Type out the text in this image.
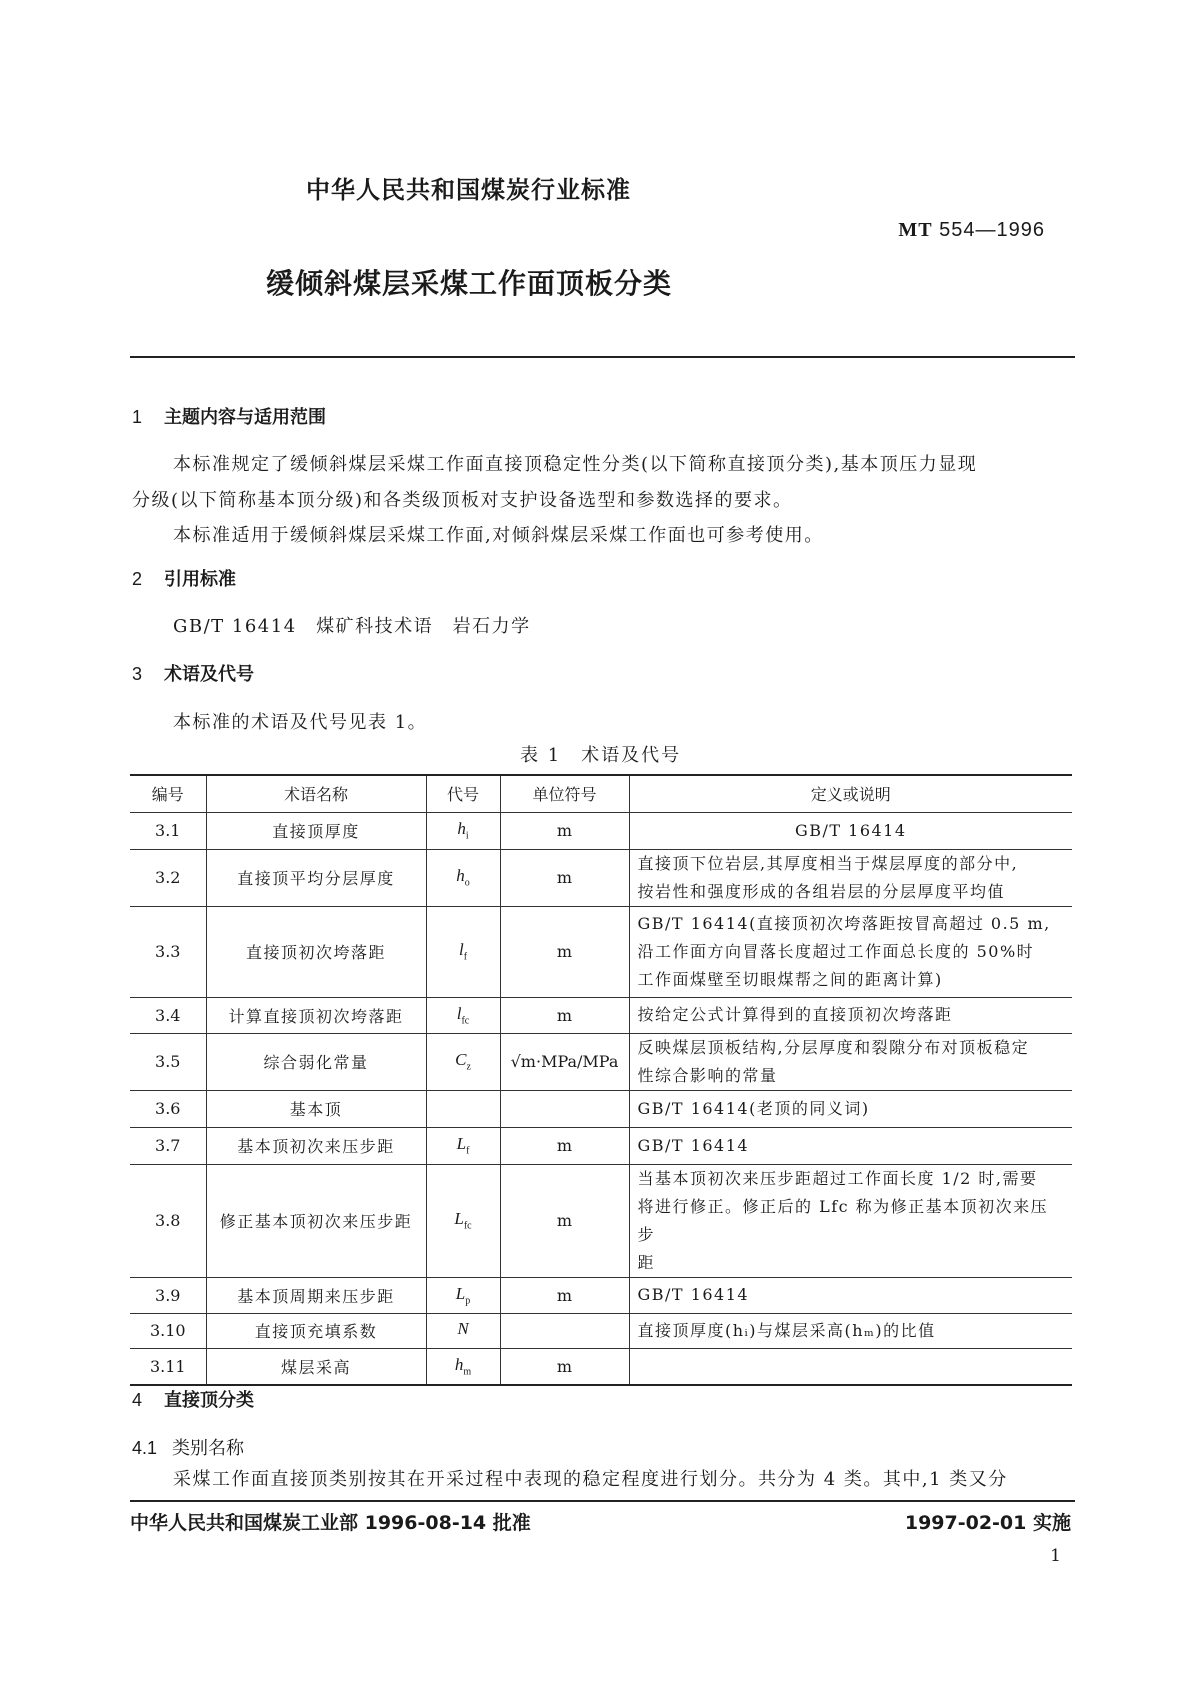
中华人民共和国煤炭行业标准
MT 554—1996
缓倾斜煤层采煤工作面顶板分类
1 主题内容与适用范围
本标准规定了缓倾斜煤层采煤工作面直接顶稳定性分类(以下简称直接顶分类),基本顶压力显现
分级(以下简称基本顶分级)和各类级顶板对支护设备选型和参数选择的要求。
本标准适用于缓倾斜煤层采煤工作面,对倾斜煤层采煤工作面也可参考使用。
2 引用标准
GB/T 16414　煤矿科技术语　岩石力学
3 术语及代号
本标准的术语及代号见表 1。
表 1　术语及代号
编号	术语名称	代号	单位符号	定义或说明
3.1	直接顶厚度	$h_i$	m	GB/T 16414
3.2	直接顶平均分层厚度	$h_o$	m	直接顶下位岩层,其厚度相当于煤层厚度的部分中,
按岩性和强度形成的各组岩层的分层厚度平均值
3.3	直接顶初次垮落距	$l_f$	m	GB/T 16414(直接顶初次垮落距按冒高超过 0.5 m,
沿工作面方向冒落长度超过工作面总长度的 50%时
工作面煤壁至切眼煤帮之间的距离计算)
3.4	计算直接顶初次垮落距	$l_{fc}$	m	按给定公式计算得到的直接顶初次垮落距
3.5	综合弱化常量	$C_z$	√m·MPa/MPa	反映煤层顶板结构,分层厚度和裂隙分布对顶板稳定
性综合影响的常量
3.6	基本顶			GB/T 16414(老顶的同义词)
3.7	基本顶初次来压步距	$L_f$	m	GB/T 16414
3.8	修正基本顶初次来压步距	$L_{fc}$	m	当基本顶初次来压步距超过工作面长度 1/2 时,需要
将进行修正。修正后的 Lfc 称为修正基本顶初次来压步
距
3.9	基本顶周期来压步距	$L_p$	m	GB/T 16414
3.10	直接顶充填系数	N		直接顶厚度(hᵢ)与煤层采高(hₘ)的比值
3.11	煤层采高	$h_m$	m	
4 直接顶分类
4.1 类别名称
采煤工作面直接顶类别按其在开采过程中表现的稳定程度进行划分。共分为 4 类。其中,1 类又分
中华人民共和国煤炭工业部 1996-08-14 批准	1997-02-01 实施
1
